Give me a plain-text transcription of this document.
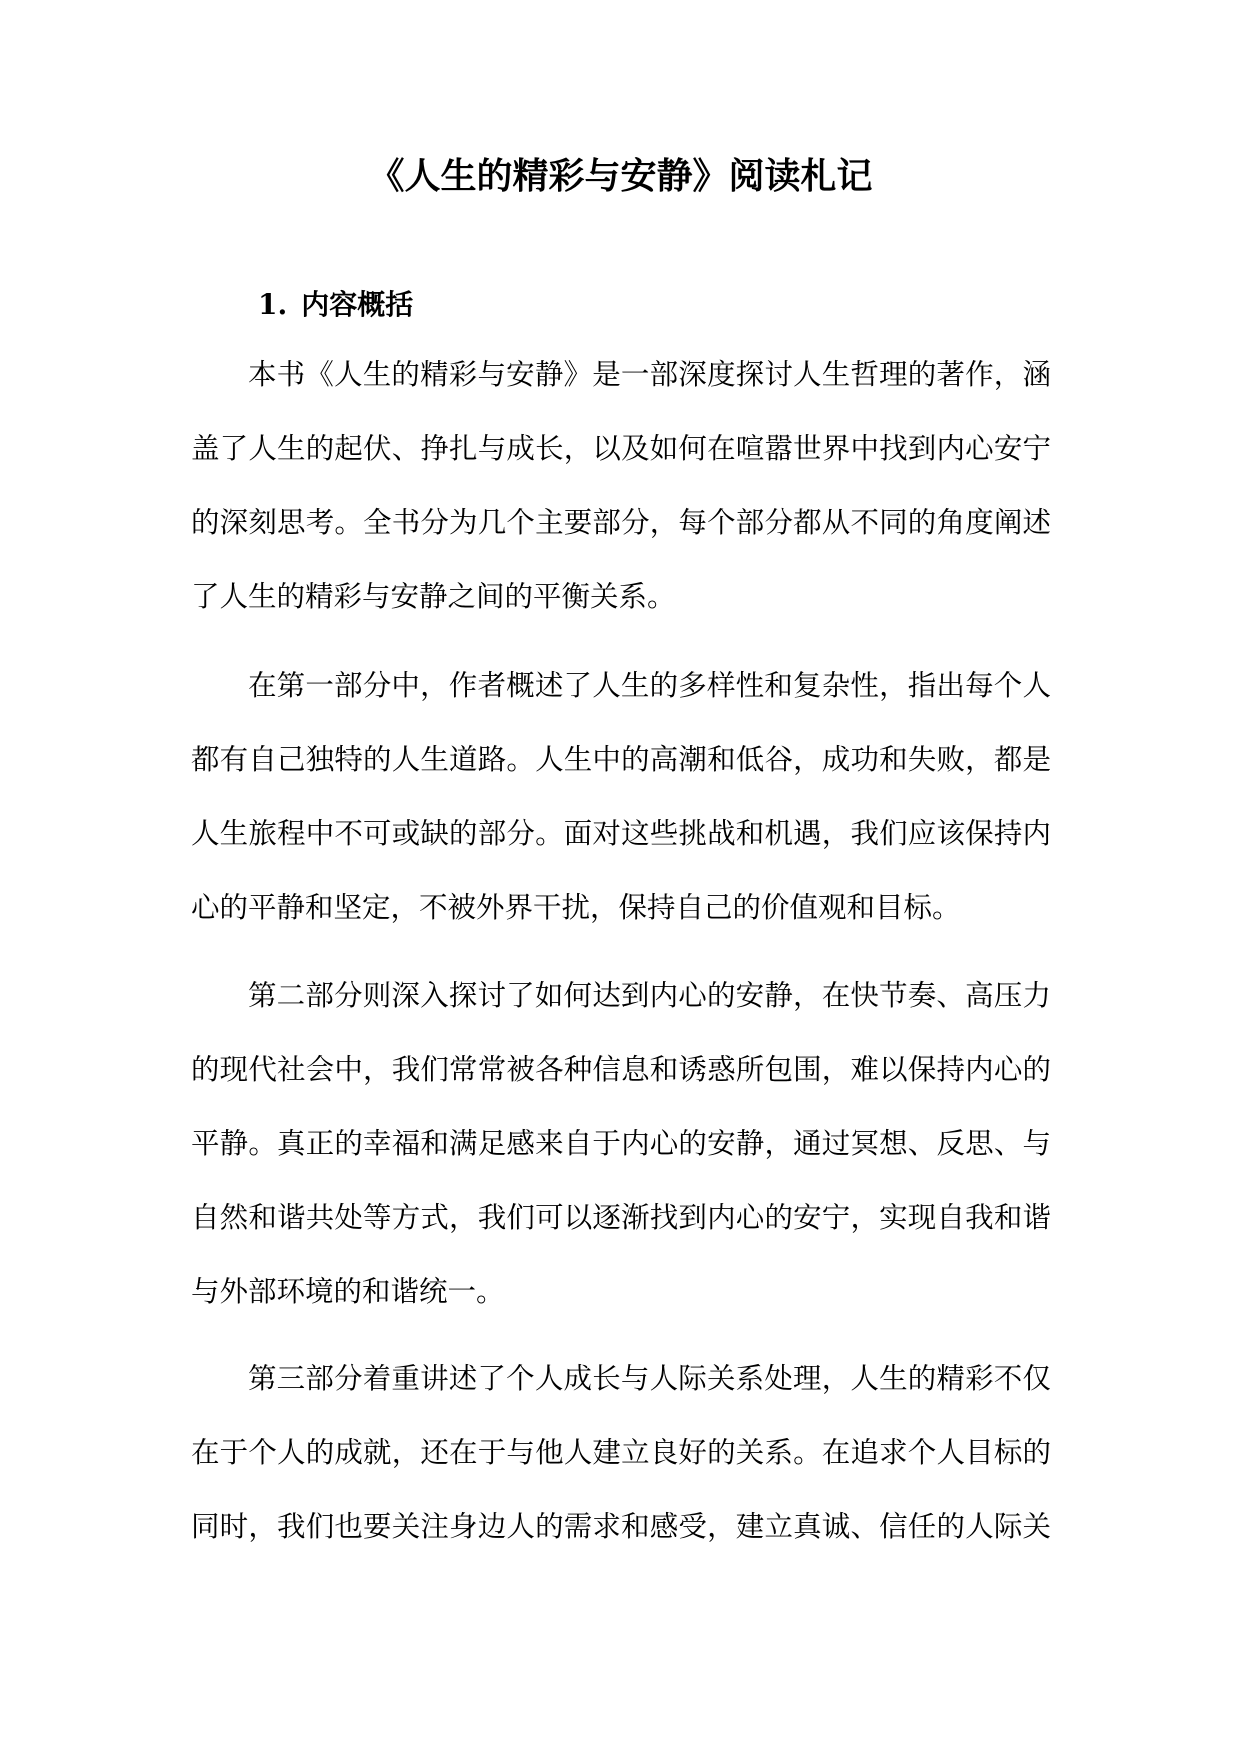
《人生的精彩与安静》阅读札记
1. 内容概括

本书《人生的精彩与安静》是一部深度探讨人生哲理的著作，涵

盖了人生的起伏、挣扎与成长，以及如何在喧嚣世界中找到内心安宁

的深刻思考。全书分为几个主要部分，每个部分都从不同的角度阐述

了人生的精彩与安静之间的平衡关系。

在第一部分中，作者概述了人生的多样性和复杂性，指出每个人

都有自己独特的人生道路。人生中的高潮和低谷，成功和失败，都是

人生旅程中不可或缺的部分。面对这些挑战和机遇，我们应该保持内

心的平静和坚定，不被外界干扰，保持自己的价值观和目标。

第二部分则深入探讨了如何达到内心的安静，在快节奏、高压力

的现代社会中，我们常常被各种信息和诱惑所包围，难以保持内心的

平静。真正的幸福和满足感来自于内心的安静，通过冥想、反思、与

自然和谐共处等方式，我们可以逐渐找到内心的安宁，实现自我和谐

与外部环境的和谐统一。

第三部分着重讲述了个人成长与人际关系处理，人生的精彩不仅

在于个人的成就，还在于与他人建立良好的关系。在追求个人目标的

同时，我们也要关注身边人的需求和感受，建立真诚、信任的人际关
